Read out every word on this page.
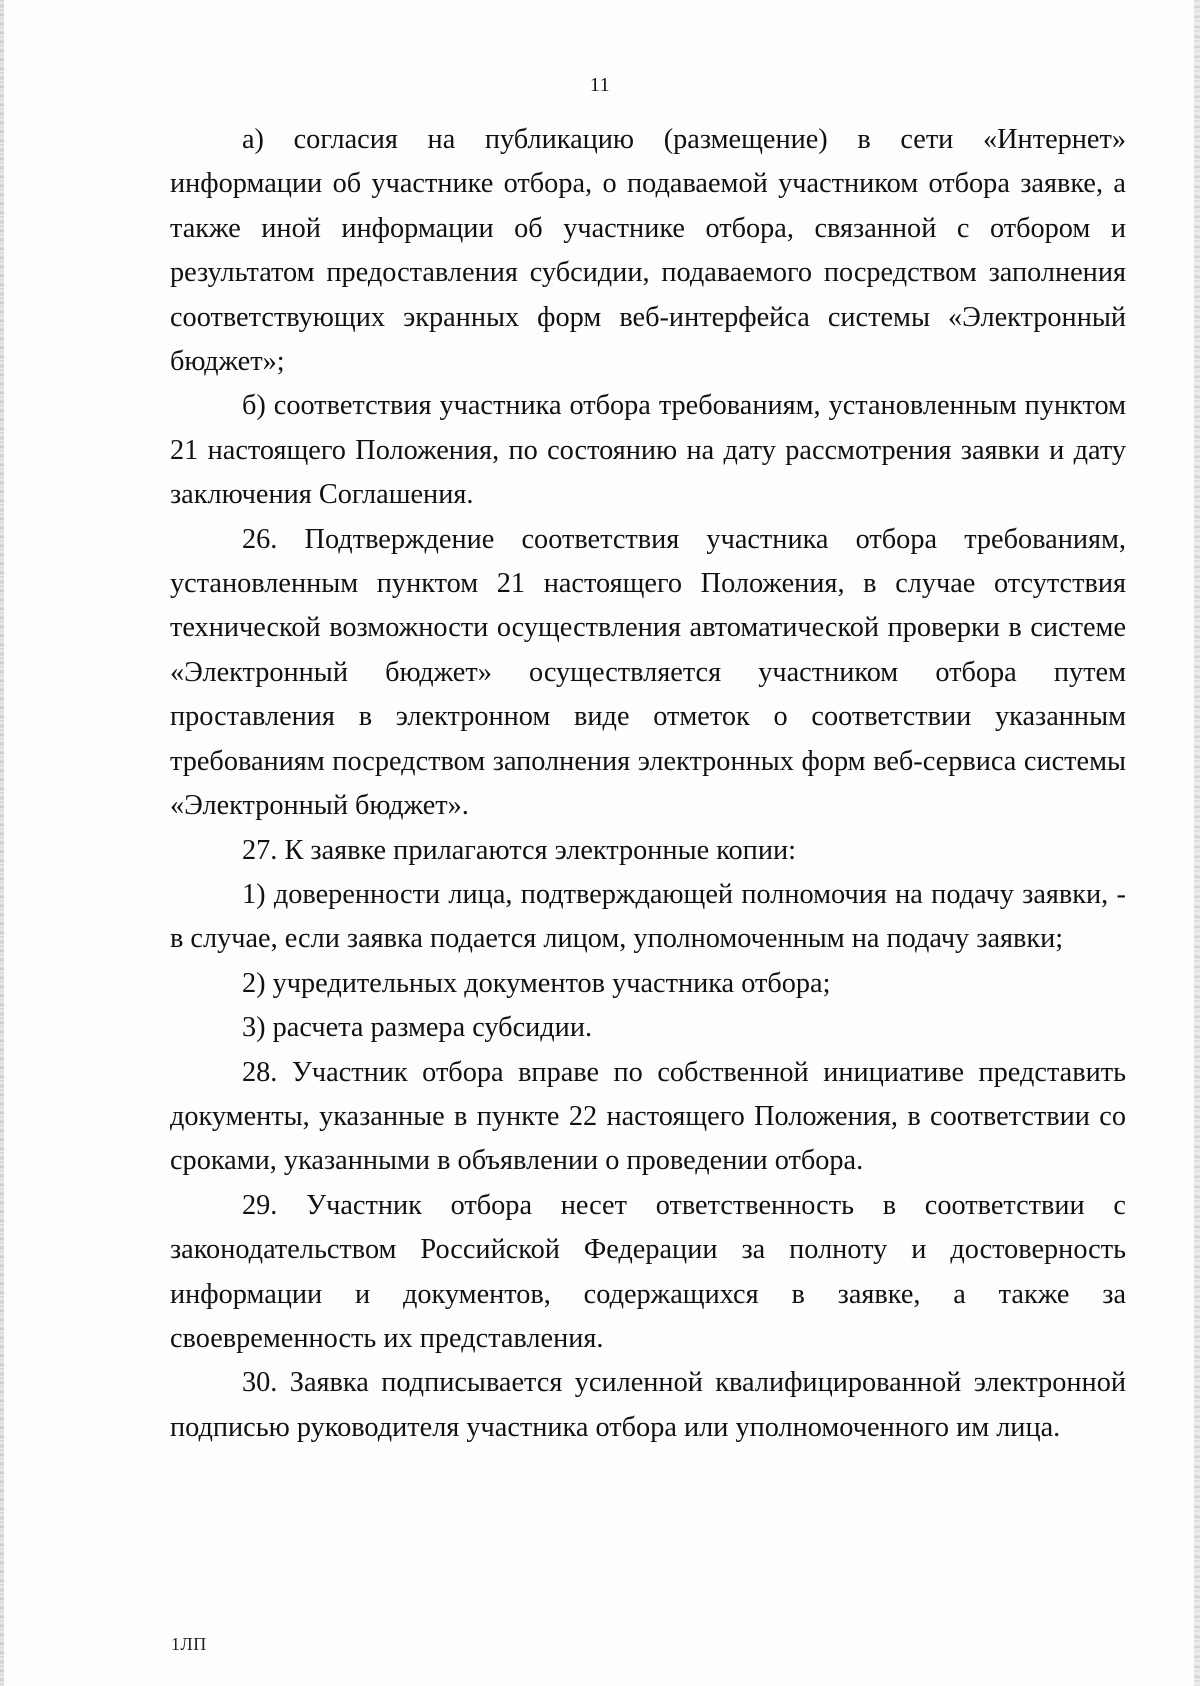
11

а) согласия на публикацию (размещение) в сети «Интернет» информации об участнике отбора, о подаваемой участником отбора заявке, а также иной информации об участнике отбора, связанной с отбором и результатом предоставления субсидии, подаваемого посредством заполнения соответствующих экранных форм веб-интерфейса системы «Электронный бюджет»;

б) соответствия участника отбора требованиям, установленным пунктом 21 настоящего Положения, по состоянию на дату рассмотрения заявки и дату заключения Соглашения.

26. Подтверждение соответствия участника отбора требованиям, установленным пунктом 21 настоящего Положения, в случае отсутствия технической возможности осуществления автоматической проверки в системе «Электронный бюджет» осуществляется участником отбора путем проставления в электронном виде отметок о соответствии указанным требованиям посредством заполнения электронных форм веб-сервиса системы «Электронный бюджет».

27. К заявке прилагаются электронные копии:

1) доверенности лица, подтверждающей полномочия на подачу заявки, - в случае, если заявка подается лицом, уполномоченным на подачу заявки;

2) учредительных документов участника отбора;

3) расчета размера субсидии.

28. Участник отбора вправе по собственной инициативе представить документы, указанные в пункте 22 настоящего Положения, в соответствии со сроками, указанными в объявлении о проведении отбора.

29. Участник отбора несет ответственность в соответствии с законодательством Российской Федерации за полноту и достоверность информации и документов, содержащихся в заявке, а также за своевременность их представления.

30. Заявка подписывается усиленной квалифицированной электронной подписью руководителя участника отбора или уполномоченного им лица.

1ЛП
